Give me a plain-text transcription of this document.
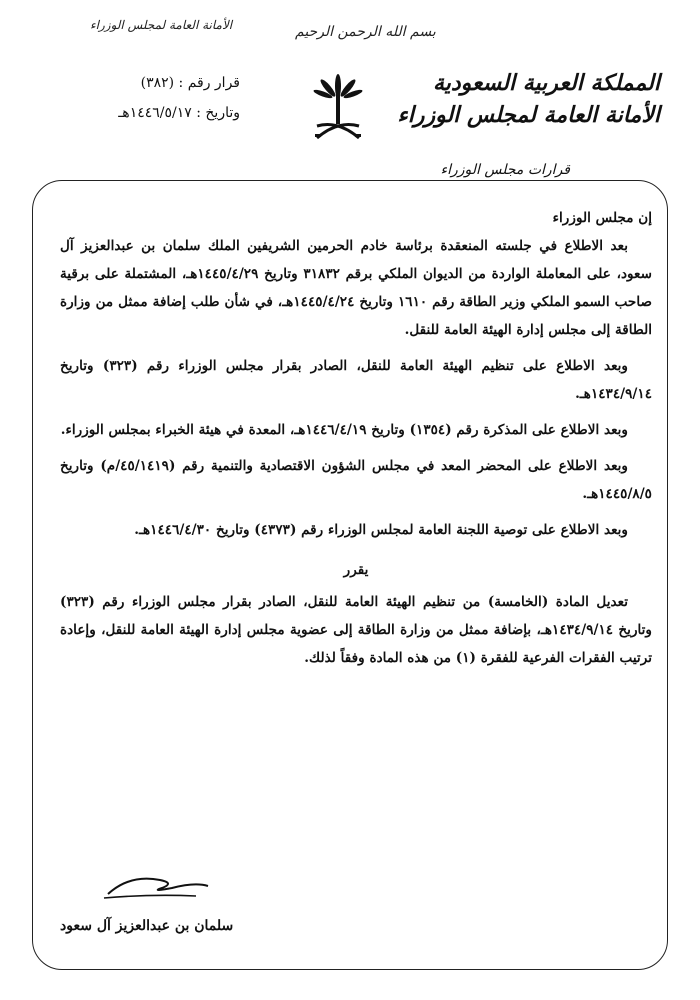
الأمانة العامة لمجلس الوزراء	بسم الله الرحمن الرحيم
قرار رقم : (٣٨٢)
وتاريخ : ١٤٤٦/٥/١٧هـ
المملكة العربية السعودية
الأمانة العامة لمجلس الوزراء
قرارات مجلس الوزراء

إن مجلس الوزراء

بعد الاطلاع في جلسته المنعقدة برئاسة خادم الحرمين الشريفين الملك سلمان بن عبدالعزيز آل سعود، على المعاملة الواردة من الديوان الملكي برقم ٣١٨٣٢ وتاريخ ١٤٤٥/٤/٢٩هـ، المشتملة على برقية صاحب السمو الملكي وزير الطاقة رقم ١٦١٠ وتاريخ ١٤٤٥/٤/٢٤هـ، في شأن طلب إضافة ممثل من وزارة الطاقة إلى مجلس إدارة الهيئة العامة للنقل.

وبعد الاطلاع على تنظيم الهيئة العامة للنقل، الصادر بقرار مجلس الوزراء رقم (٣٢٣) وتاريخ ١٤٣٤/٩/١٤هـ.

وبعد الاطلاع على المذكرة رقم (١٣٥٤) وتاريخ ١٤٤٦/٤/١٩هـ، المعدة في هيئة الخبراء بمجلس الوزراء.

وبعد الاطلاع على المحضر المعد في مجلس الشؤون الاقتصادية والتنمية رقم (٤٥/١٤١٩/م) وتاريخ ١٤٤٥/٨/٥هـ.

وبعد الاطلاع على توصية اللجنة العامة لمجلس الوزراء رقم (٤٣٧٣) وتاريخ ١٤٤٦/٤/٣٠هـ.

يقرر

تعديل المادة (الخامسة) من تنظيم الهيئة العامة للنقل، الصادر بقرار مجلس الوزراء رقم (٣٢٣) وتاريخ ١٤٣٤/٩/١٤هـ، بإضافة ممثل من وزارة الطاقة إلى عضوية مجلس إدارة الهيئة العامة للنقل، وإعادة ترتيب الفقرات الفرعية للفقرة (١) من هذه المادة وفقاً لذلك.

سلمان بن عبدالعزيز آل سعود
